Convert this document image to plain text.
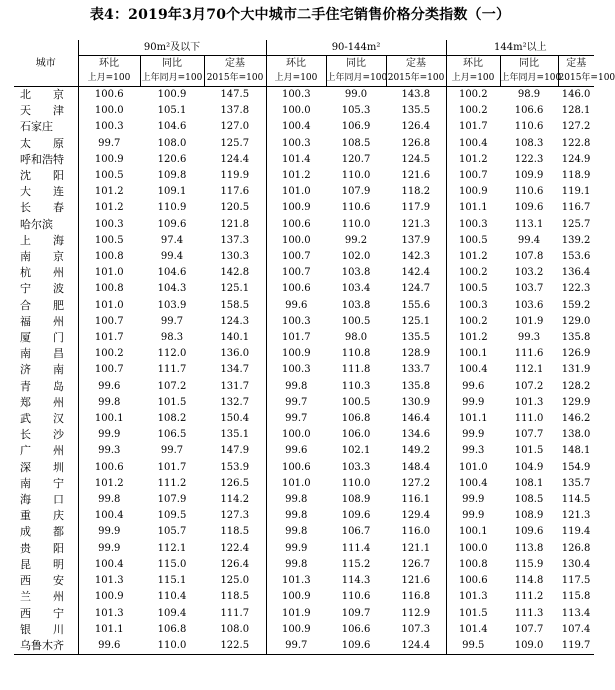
表4：2019年3月70个大中城市二手住宅销售价格分类指数（一）
城市	90m²及以下			90-144m²			144m²以上		
	环比	同比	定基	环比	同比	定基	环比	同比	定基
	上月=100	上年同月=100	2015年=100	上月=100	上年同月=100	2015年=100	上月=100	上年同月=100	2015年=100
北　　京	100.6	100.9	147.5	100.3	99.0	143.8	100.2	98.9	146.0
天　　津	100.0	105.1	137.8	100.0	105.3	135.5	100.2	106.6	128.1
石家庄	100.3	104.6	127.0	100.4	106.9	126.4	101.7	110.6	127.2
太　　原	99.7	108.0	125.7	100.3	108.5	126.8	100.4	108.3	122.8
呼和浩特	100.9	120.6	124.4	101.4	120.7	124.5	101.2	122.3	124.9
沈　　阳	100.5	109.8	119.9	101.2	110.0	121.6	100.7	109.9	118.9
大　　连	101.2	109.1	117.6	101.0	107.9	118.2	100.9	110.6	119.1
长　　春	101.2	110.9	120.5	100.9	110.6	117.9	101.1	109.6	116.7
哈尔滨	100.3	109.6	121.8	100.6	110.0	121.3	100.3	113.1	125.7
上　　海	100.5	97.4	137.3	100.0	99.2	137.9	100.5	99.4	139.2
南　　京	100.8	99.4	130.3	100.7	102.0	142.3	101.2	107.8	153.6
杭　　州	101.0	104.6	142.8	100.7	103.8	142.4	100.2	103.2	136.4
宁　　波	100.8	104.3	125.1	100.6	103.4	124.7	100.5	103.7	122.3
合　　肥	101.0	103.9	158.5	99.6	103.8	155.6	100.3	103.6	159.2
福　　州	100.7	99.7	124.3	100.3	100.5	125.1	100.2	101.9	129.0
厦　　门	101.7	98.3	140.1	101.7	98.0	135.5	101.2	99.3	135.8
南　　昌	100.2	112.0	136.0	100.9	110.8	128.9	100.1	111.6	126.9
济　　南	100.7	111.7	134.7	100.3	111.8	133.7	100.4	112.1	131.9
青　　岛	99.6	107.2	131.7	99.8	110.3	135.8	99.6	107.2	128.2
郑　　州	99.8	101.5	132.7	99.7	100.5	130.9	99.9	101.3	129.9
武　　汉	100.1	108.2	150.4	99.7	106.8	146.4	101.1	111.0	146.2
长　　沙	99.9	106.5	135.1	100.0	106.0	134.6	99.9	107.7	138.0
广　　州	99.3	99.7	147.9	99.6	102.1	149.2	99.3	101.5	148.1
深　　圳	100.6	101.7	153.9	100.6	103.3	148.4	101.0	104.9	154.9
南　　宁	101.2	111.2	126.5	101.0	110.0	127.2	100.4	108.1	135.7
海　　口	99.8	107.9	114.2	99.8	108.9	116.1	99.9	108.5	114.5
重　　庆	100.4	109.5	127.3	99.8	109.6	129.4	99.9	108.9	121.3
成　　都	99.9	105.7	118.5	99.8	106.7	116.0	100.1	109.6	119.4
贵　　阳	99.9	112.1	122.4	99.9	111.4	121.1	100.0	113.8	126.8
昆　　明	100.4	115.0	126.4	99.8	115.2	126.7	100.8	115.9	130.4
西　　安	101.3	115.1	125.0	101.3	114.3	121.6	100.6	114.8	117.5
兰　　州	100.9	110.4	118.5	100.9	110.6	116.8	101.3	111.2	115.8
西　　宁	101.3	109.4	111.7	101.9	109.7	112.9	101.5	111.3	113.4
银　　川	101.1	106.8	108.0	100.9	106.6	107.3	101.4	107.7	107.4
乌鲁木齐	99.6	110.0	122.5	99.7	109.6	124.4	99.5	109.0	119.7
